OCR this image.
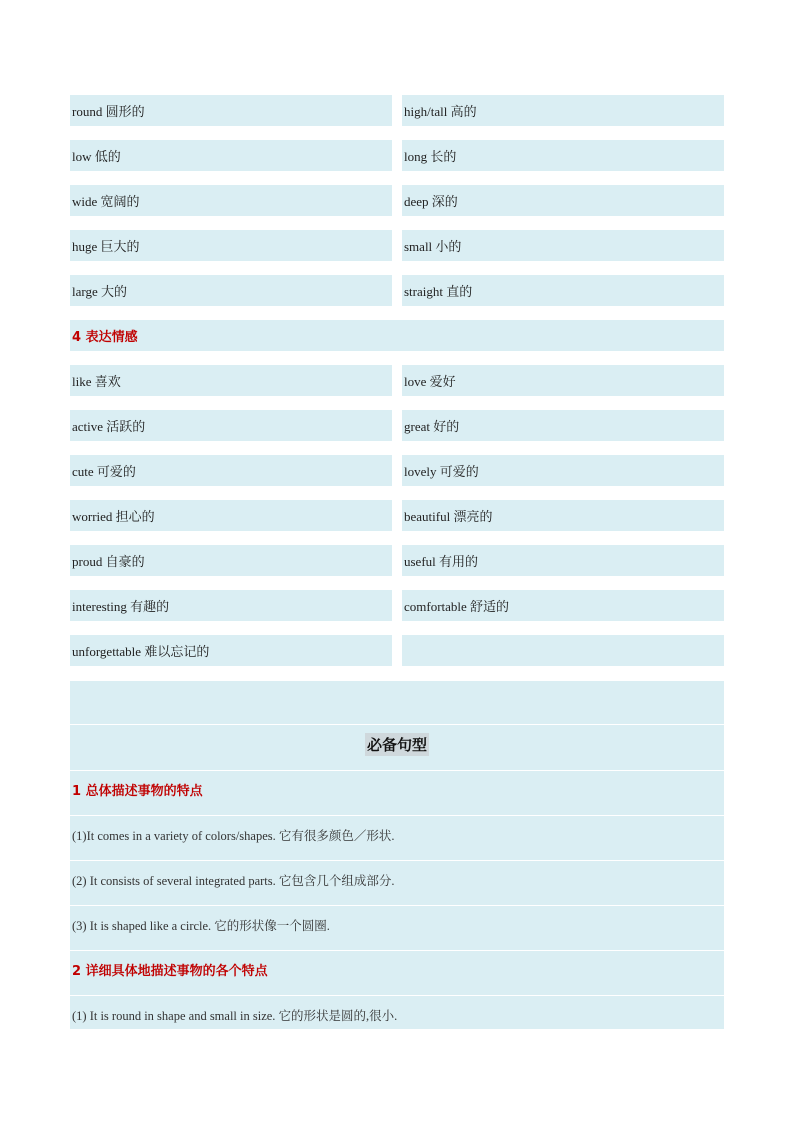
round 圆形的	high/tall 高的
low 低的	long 长的
wide 宽阔的	deep 深的
huge 巨大的	small 小的
large 大的	straight 直的
4 表达情感
like 喜欢	love 爱好
active 活跃的	great 好的
cute 可爱的	lovely 可爱的
worried 担心的	beautiful 漂亮的
proud 自豪的	useful 有用的
interesting 有趣的	comfortable 舒适的
unforgettable 难以忘记的
必备句型
1 总体描述事物的特点
(1)It comes in a variety of colors/shapes. 它有很多颜色／形状.
(2) It consists of several integrated parts. 它包含几个组成部分.
(3) It is shaped like a circle. 它的形状像一个圆圈.
2 详细具体地描述事物的各个特点
(1) It is round in shape and small in size. 它的形状是圆的,很小.
